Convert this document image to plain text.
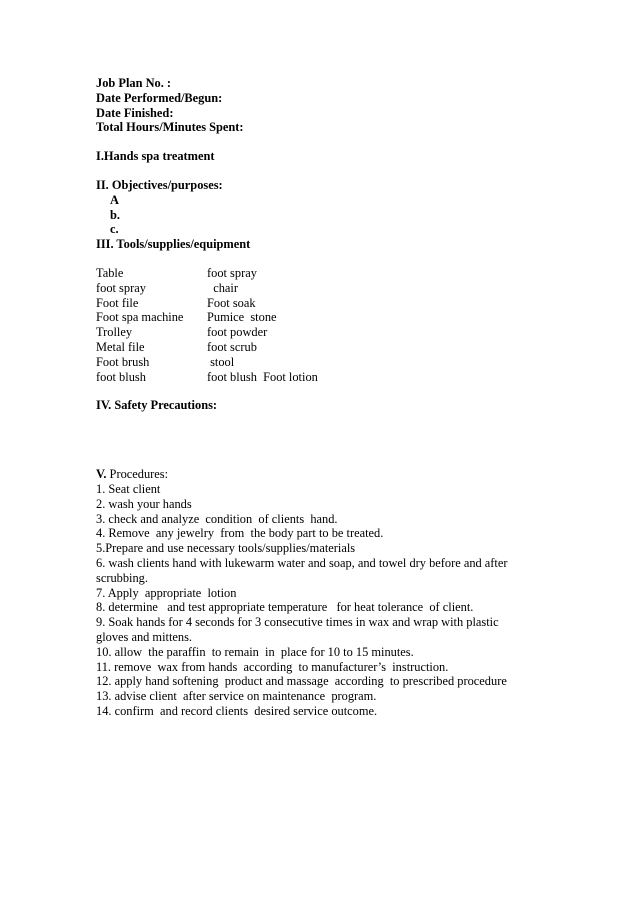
Job Plan No. :
Date Performed/Begun:
Date Finished:
Total Hours/Minutes Spent:
I.Hands spa treatment
II. Objectives/purposes:
A
b.
c.
III. Tools/supplies/equipment
Table	foot spray
foot spray	chair
Foot file	Foot soak
Foot spa machine	Pumice  stone
Trolley	foot powder
Metal file	foot scrub
Foot brush	stool
foot blush	foot blush  Foot lotion
IV. Safety Precautions:
V. Procedures:
1. Seat client
2. wash your hands
3. check and analyze  condition  of clients  hand.
4. Remove  any jewelry  from  the body part to be treated.
5.Prepare and use necessary tools/supplies/materials
6. wash clients hand with lukewarm water and soap, and towel dry before and after scrubbing.
7. Apply  appropriate  lotion
8. determine   and test appropriate temperature   for heat tolerance  of client.
9. Soak hands for 4 seconds for 3 consecutive times in wax and wrap with plastic gloves and mittens.
10. allow  the paraffin  to remain  in  place for 10 to 15 minutes.
11. remove  wax from hands  according  to manufacturer’s  instruction.
12. apply hand softening  product and massage  according  to prescribed procedure
13. advise client  after service on maintenance  program.
14. confirm  and record clients  desired service outcome.
